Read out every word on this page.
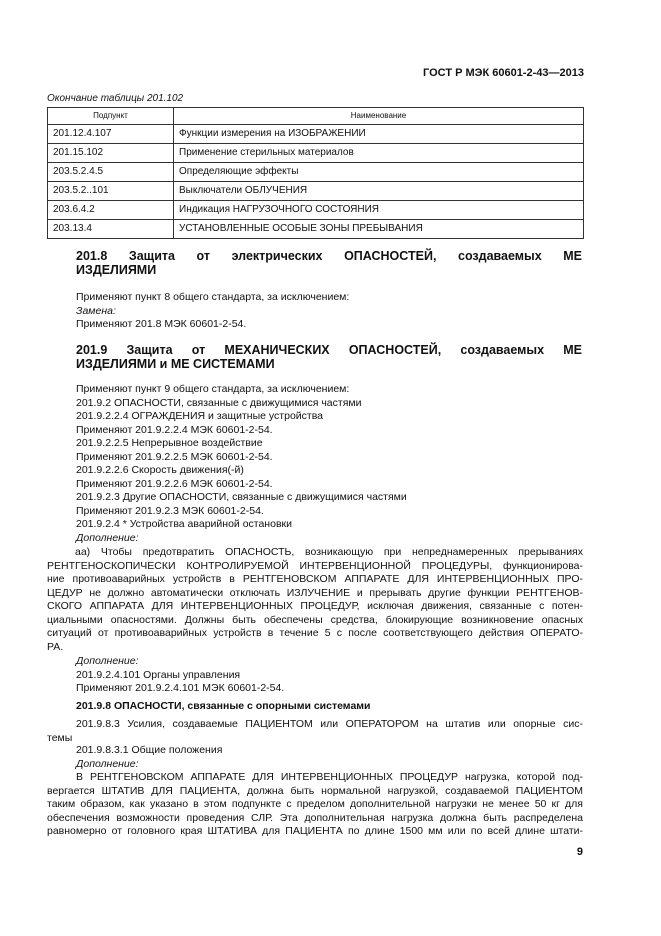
ГОСТ Р МЭК 60601-2-43—2013
Окончание таблицы 201.102
Подпункт	Наименование
201.12.4.107	Функции измерения на ИЗОБРАЖЕНИИ
201.15.102	Применение стерильных материалов
203.5.2.4.5	Определяющие эффекты
203.5.2..101	Выключатели ОБЛУЧЕНИЯ
203.6.4.2	Индикация НАГРУЗОЧНОГО СОСТОЯНИЯ
203.13.4	УСТАНОВЛЕННЫЕ ОСОБЫЕ ЗОНЫ ПРЕБЫВАНИЯ
201.8 Защита от электрических ОПАСНОСТЕЙ, создаваемых МЕ
ИЗДЕЛИЯМИ
Применяют пункт 8 общего стандарта, за исключением:
Замена:
Применяют 201.8 МЭК 60601-2-54.
201.9 Защита от МЕХАНИЧЕСКИХ ОПАСНОСТЕЙ, создаваемых МЕ
ИЗДЕЛИЯМИ и МЕ СИСТЕМАМИ
Применяют пункт 9 общего стандарта, за исключением:
201.9.2 ОПАСНОСТИ, связанные с движущимися частями
201.9.2.2.4 ОГРАЖДЕНИЯ и защитные устройства
Применяют 201.9.2.2.4 МЭК 60601-2-54.
201.9.2.2.5 Непрерывное воздействие
Применяют 201.9.2.2.5 МЭК 60601-2-54.
201.9.2.2.6 Скорость движения(-й)
Применяют 201.9.2.2.6 МЭК 60601-2-54.
201.9.2.3 Другие ОПАСНОСТИ, связанные с движущимися частями
Применяют 201.9.2.3 МЭК 60601-2-54.
201.9.2.4 * Устройства аварийной остановки
Дополнение:
аа) Чтобы предотвратить ОПАСНОСТЬ, возникающую при непреднамеренных прерываниях
РЕНТГЕНОСКОПИЧЕСКИ КОНТРОЛИРУЕМОЙ ИНТЕРВЕНЦИОННОЙ ПРОЦЕДУРЫ, функционирова-
ние противоаварийных устройств в РЕНТГЕНОВСКОМ АППАРАТЕ ДЛЯ ИНТЕРВЕНЦИОННЫХ ПРО-
ЦЕДУР не должно автоматически отключать ИЗЛУЧЕНИЕ и прерывать другие функции РЕНТГЕНОВ-
СКОГО АППАРАТА ДЛЯ ИНТЕРВЕНЦИОННЫХ ПРОЦЕДУР, исключая движения, связанные с потен-
циальными опасностями. Должны быть обеспечены средства, блокирующие возникновение опасных
ситуаций от противоаварийных устройств в течение 5 с после соответствующего действия ОПЕРАТО-
РА.
Дополнение:
201.9.2.4.101 Органы управления
Применяют 201.9.2.4.101 МЭК 60601-2-54.
201.9.8 ОПАСНОСТИ, связанные с опорными системами
201.9.8.3 Усилия, создаваемые ПАЦИЕНТОМ или ОПЕРАТОРОМ на штатив или опорные сис-
темы
201.9.8.3.1 Общие положения
Дополнение:
В РЕНТГЕНОВСКОМ АППАРАТЕ ДЛЯ ИНТЕРВЕНЦИОННЫХ ПРОЦЕДУР нагрузка, которой под-
вергается ШТАТИВ ДЛЯ ПАЦИЕНТА, должна быть нормальной нагрузкой, создаваемой ПАЦИЕНТОМ
таким образом, как указано в этом подпункте с пределом дополнительной нагрузки не менее 50 кг для
обеспечения возможности проведения СЛР. Эта дополнительная нагрузка должна быть распределена
равномерно от головного края ШТАТИВА для ПАЦИЕНТА по длине 1500 мм или по всей длине штати-
9
